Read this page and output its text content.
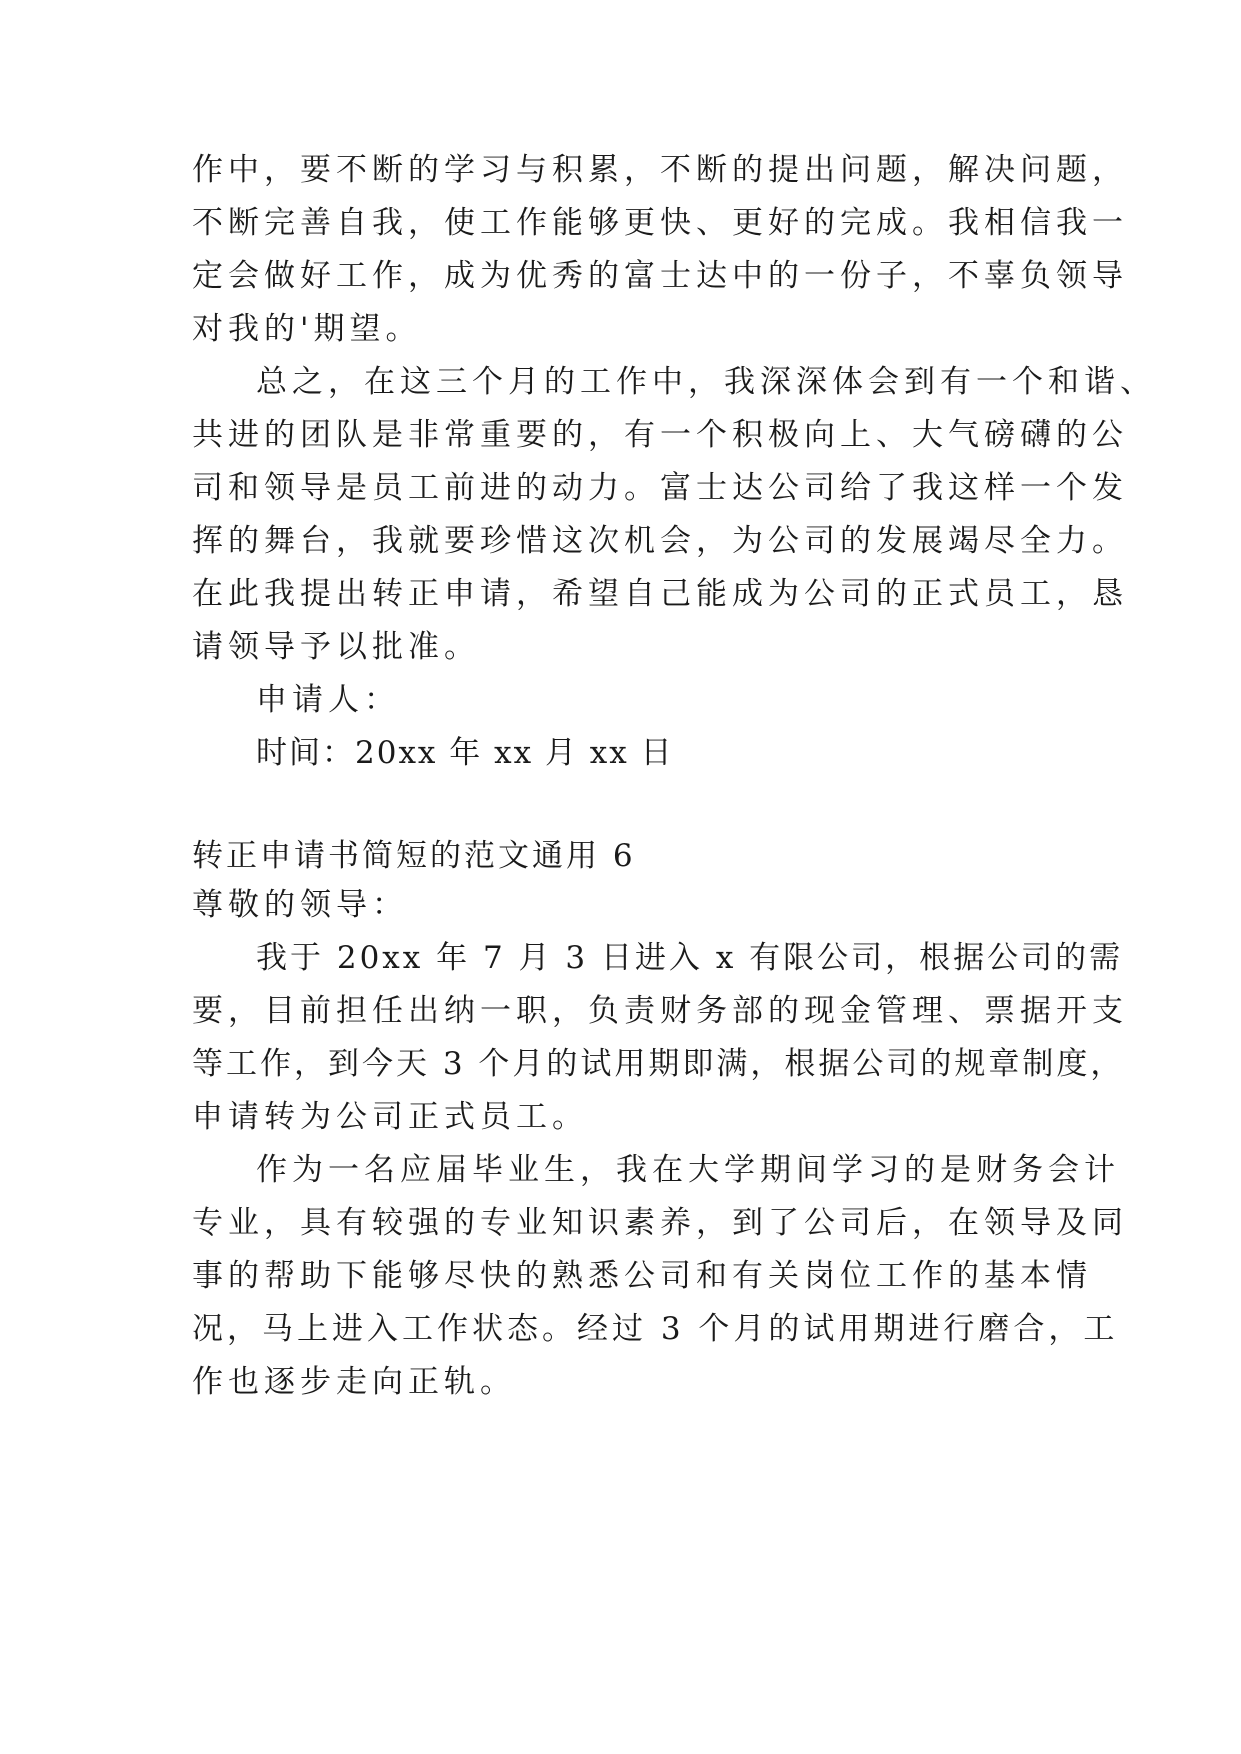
作中，要不断的学习与积累，不断的提出问题，解决问题，
不断完善自我，使工作能够更快、更好的完成。我相信我一
定会做好工作，成为优秀的富士达中的一份子，不辜负领导
对我的'期望。
总之，在这三个月的工作中，我深深体会到有一个和谐、
共进的团队是非常重要的，有一个积极向上、大气磅礴的公
司和领导是员工前进的动力。富士达公司给了我这样一个发
挥的舞台，我就要珍惜这次机会，为公司的发展竭尽全力。
在此我提出转正申请，希望自己能成为公司的正式员工，恳
请领导予以批准。
申请人：
时间：20xx 年 xx 月 xx 日
转正申请书简短的范文通用 6
尊敬的领导：
我于 20xx 年 7 月 3 日进入 x 有限公司，根据公司的需
要，目前担任出纳一职，负责财务部的现金管理、票据开支
等工作，到今天 3 个月的试用期即满，根据公司的规章制度，
申请转为公司正式员工。
作为一名应届毕业生，我在大学期间学习的是财务会计
专业，具有较强的专业知识素养，到了公司后，在领导及同
事的帮助下能够尽快的熟悉公司和有关岗位工作的基本情
况，马上进入工作状态。经过 3 个月的试用期进行磨合，工
作也逐步走向正轨。
